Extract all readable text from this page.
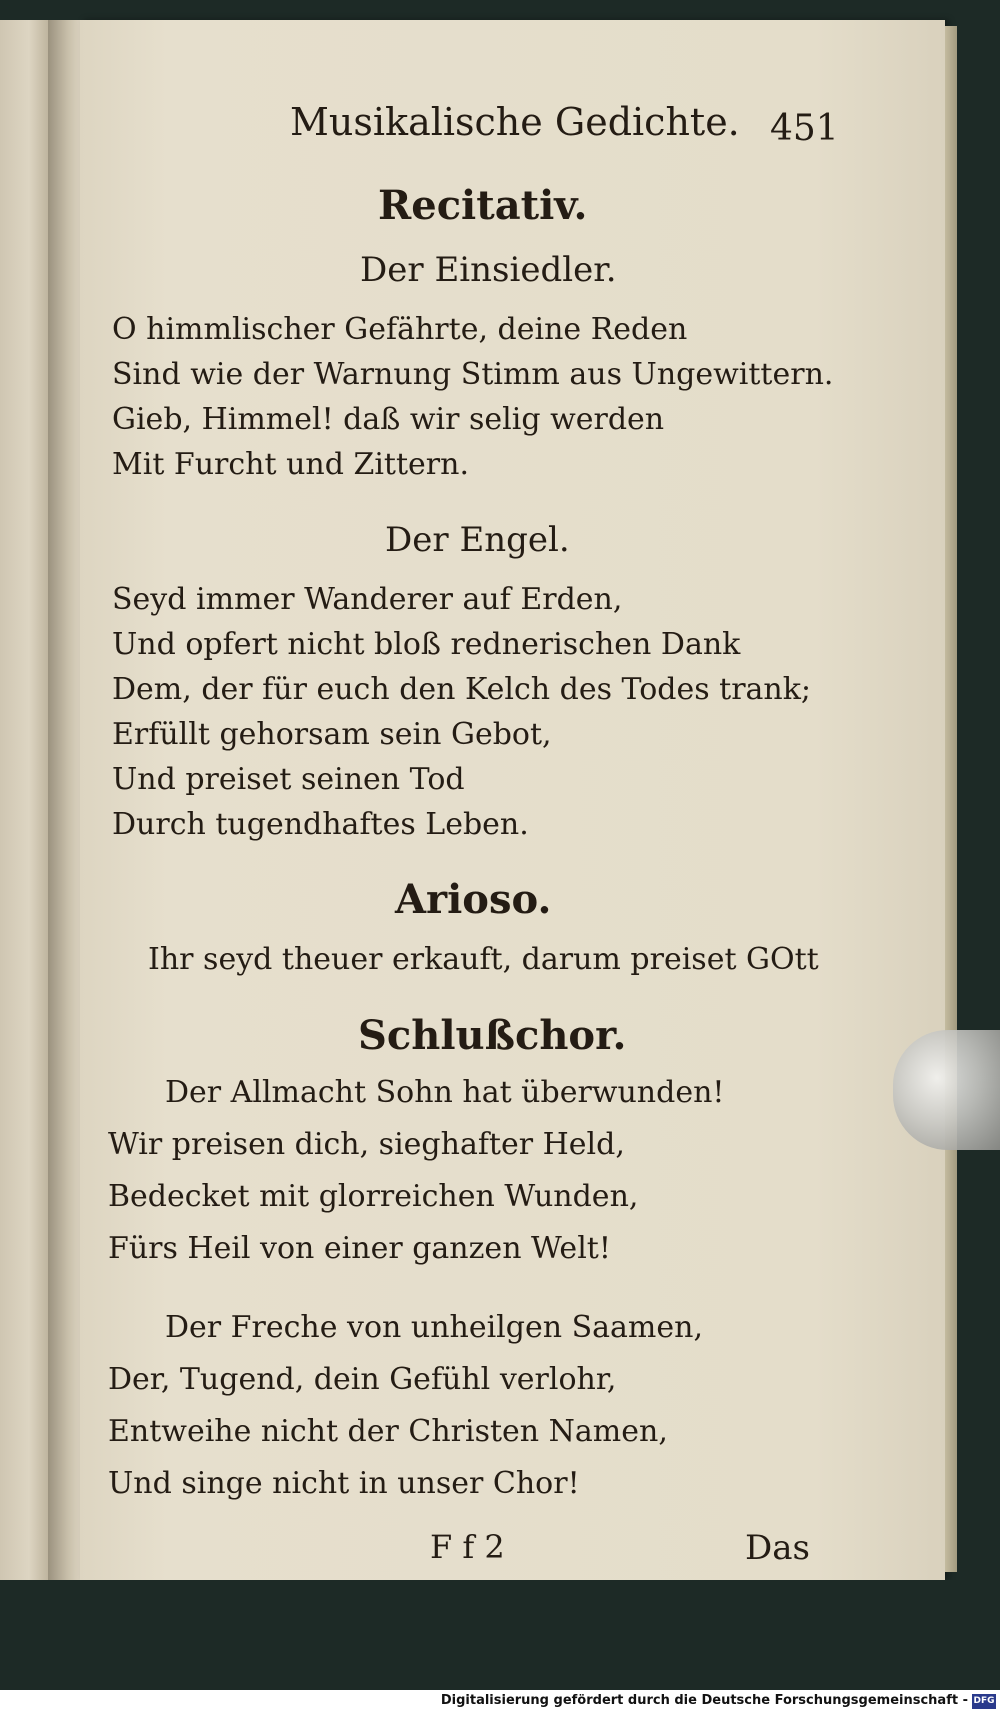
Musikalische Gedichte. 451
Recitativ.
Der Einsiedler.
O himmlischer Gefährte, deine Reden
Sind wie der Warnung Stimm aus Ungewittern.
Gieb, Himmel! daß wir selig werden
Mit Furcht und Zittern.
Der Engel.
Seyd immer Wanderer auf Erden,
Und opfert nicht bloß rednerischen Dank
Dem, der für euch den Kelch des Todes trank;
Erfüllt gehorsam sein Gebot,
Und preiset seinen Tod
Durch tugendhaftes Leben.
Arioso.
Ihr seyd theuer erkauft, darum preiset GOtt
Schlußchor.
Der Allmacht Sohn hat überwunden!
Wir preisen dich, sieghafter Held,
Bedecket mit glorreichen Wunden,
Fürs Heil von einer ganzen Welt!
Der Freche von unheilgen Saamen,
Der, Tugend, dein Gefühl verlohr,
Entweihe nicht der Christen Namen,
Und singe nicht in unser Chor!
F f 2	Das
Digitalisierung gefördert durch die Deutsche Forschungsgemeinschaft - DFG
